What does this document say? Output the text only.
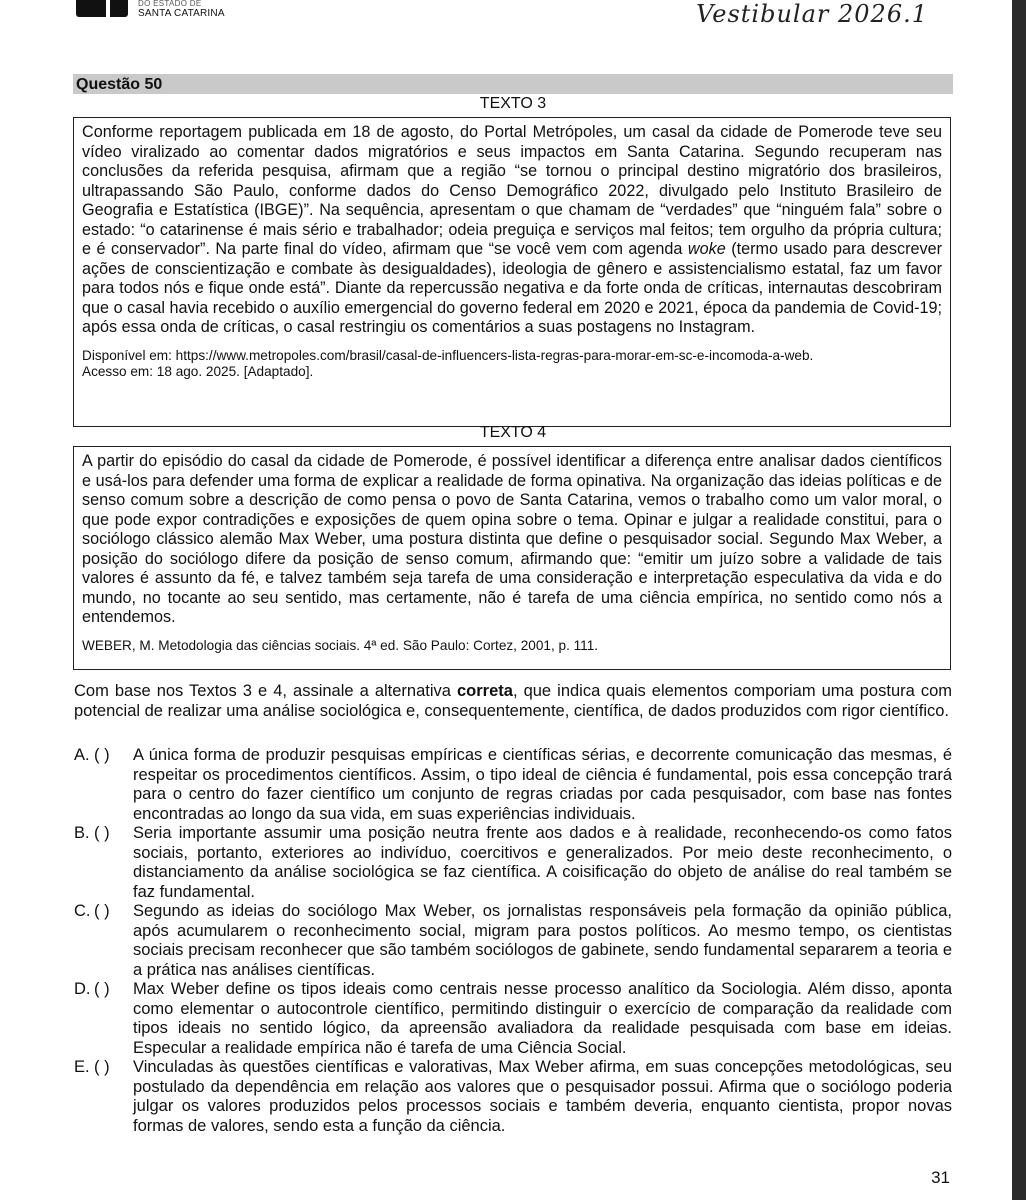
DO ESTADO DE
SANTA CATARINA	Vestibular 2026.1
Questão 50
TEXTO 3

Conforme reportagem publicada em 18 de agosto, do Portal Metrópoles, um casal da cidade de Pomerode teve seu vídeo viralizado ao comentar dados migratórios e seus impactos em Santa Catarina. Segundo recuperam nas conclusões da referida pesquisa, afirmam que a região “se tornou o principal destino migratório dos brasileiros, ultrapassando São Paulo, conforme dados do Censo Demográfico 2022, divulgado pelo Instituto Brasileiro de Geografia e Estatística (IBGE)”. Na sequência, apresentam o que chamam de “verdades” que “ninguém fala” sobre o estado: “o catarinense é mais sério e trabalhador; odeia preguiça e serviços mal feitos; tem orgulho da própria cultura; e é conservador”. Na parte final do vídeo, afirmam que “se você vem com agenda woke (termo usado para descrever ações de conscientização e combate às desigualdades), ideologia de gênero e assistencialismo estatal, faz um favor para todos nós e fique onde está”. Diante da repercussão negativa e da forte onda de críticas, internautas descobriram que o casal havia recebido o auxílio emergencial do governo federal em 2020 e 2021, época da pandemia de Covid-19; após essa onda de críticas, o casal restringiu os comentários a suas postagens no Instagram.

Disponível em: https://www.metropoles.com/brasil/casal-de-influencers-lista-regras-para-morar-em-sc-e-incomoda-a-web.
Acesso em: 18 ago. 2025. [Adaptado].

TEXTO 4

A partir do episódio do casal da cidade de Pomerode, é possível identificar a diferença entre analisar dados científicos e usá-los para defender uma forma de explicar a realidade de forma opinativa. Na organização das ideias políticas e de senso comum sobre a descrição de como pensa o povo de Santa Catarina, vemos o trabalho como um valor moral, o que pode expor contradições e exposições de quem opina sobre o tema. Opinar e julgar a realidade constitui, para o sociólogo clássico alemão Max Weber, uma postura distinta que define o pesquisador social. Segundo Max Weber, a posição do sociólogo difere da posição de senso comum, afirmando que: “emitir um juízo sobre a validade de tais valores é assunto da fé, e talvez também seja tarefa de uma consideração e interpretação especulativa da vida e do mundo, no tocante ao seu sentido, mas certamente, não é tarefa de uma ciência empírica, no sentido como nós a entendemos.

WEBER, M. Metodologia das ciências sociais. 4ª ed. São Paulo: Cortez, 2001, p. 111.

Com base nos Textos 3 e 4, assinale a alternativa correta, que indica quais elementos comporiam uma postura com potencial de realizar uma análise sociológica e, consequentemente, científica, de dados produzidos com rigor científico.

A. ( ) A única forma de produzir pesquisas empíricas e científicas sérias, e decorrente comunicação das mesmas, é respeitar os procedimentos científicos. Assim, o tipo ideal de ciência é fundamental, pois essa concepção trará para o centro do fazer científico um conjunto de regras criadas por cada pesquisador, com base nas fontes encontradas ao longo da sua vida, em suas experiências individuais.

B. ( ) Seria importante assumir uma posição neutra frente aos dados e à realidade, reconhecendo-os como fatos sociais, portanto, exteriores ao indivíduo, coercitivos e generalizados. Por meio deste reconhecimento, o distanciamento da análise sociológica se faz científica. A coisificação do objeto de análise do real também se faz fundamental.

C. ( ) Segundo as ideias do sociólogo Max Weber, os jornalistas responsáveis pela formação da opinião pública, após acumularem o reconhecimento social, migram para postos políticos. Ao mesmo tempo, os cientistas sociais precisam reconhecer que são também sociólogos de gabinete, sendo fundamental separarem a teoria e a prática nas análises científicas.

D. ( ) Max Weber define os tipos ideais como centrais nesse processo analítico da Sociologia. Além disso, aponta como elementar o autocontrole científico, permitindo distinguir o exercício de comparação da realidade com tipos ideais no sentido lógico, da apreensão avaliadora da realidade pesquisada com base em ideias. Especular a realidade empírica não é tarefa de uma Ciência Social.

E. ( ) Vinculadas às questões científicas e valorativas, Max Weber afirma, em suas concepções metodológicas, seu postulado da dependência em relação aos valores que o pesquisador possui. Afirma que o sociólogo poderia julgar os valores produzidos pelos processos sociais e também deveria, enquanto cientista, propor novas formas de valores, sendo esta a função da ciência.

31
